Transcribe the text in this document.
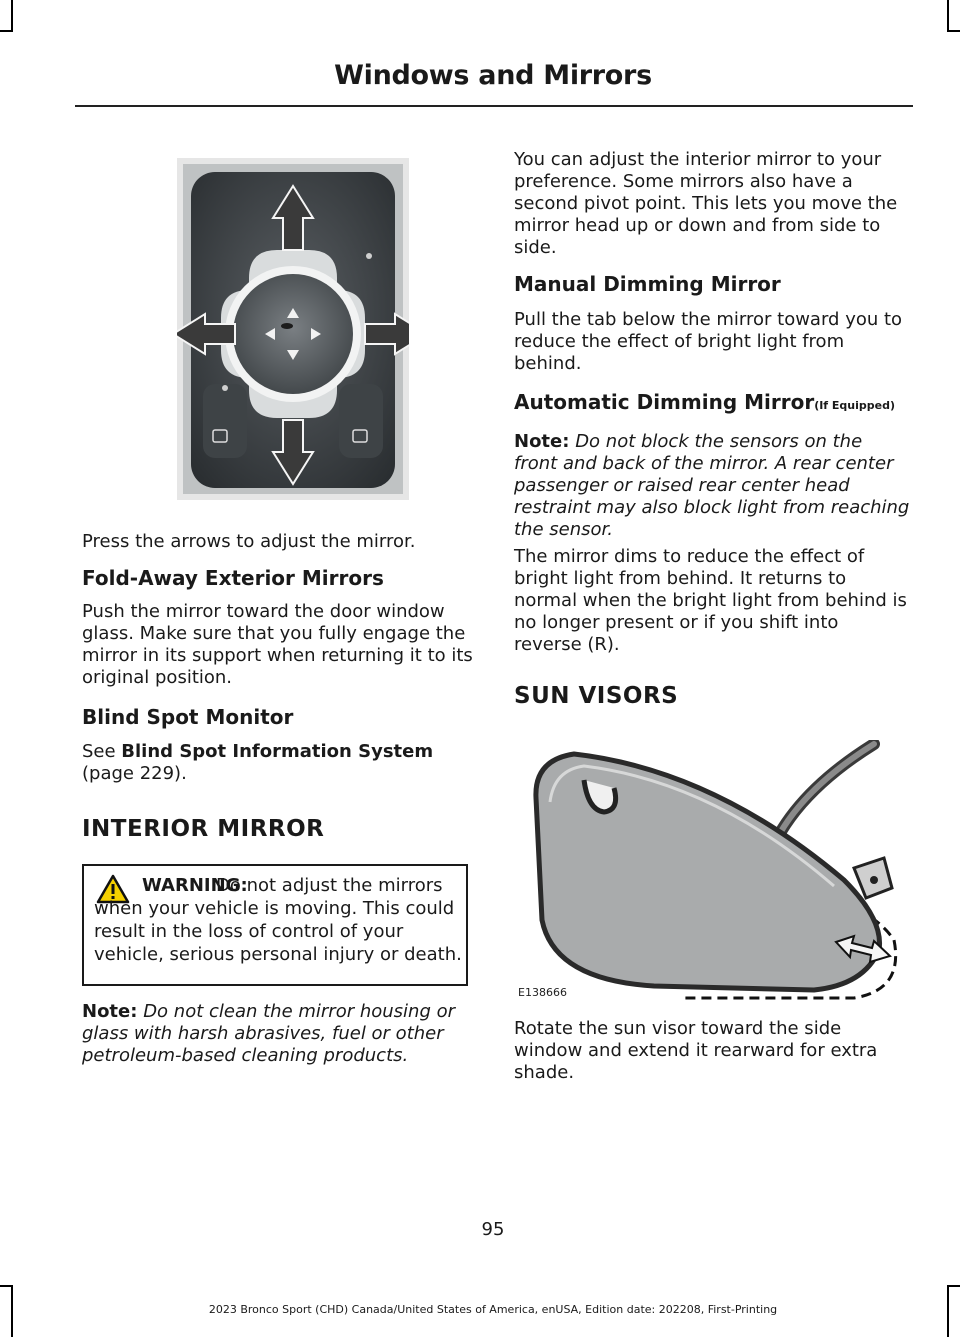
Windows and Mirrors

Press the arrows to adjust the mirror.

Fold-Away Exterior Mirrors

Push the mirror toward the door window glass. Make sure that you fully engage the mirror in its support when returning it to its original position.

Blind Spot Monitor

See Blind Spot Information System
(page 229).

INTERIOR MIRROR
WARNING:
Do not adjust the mirrors when your vehicle is moving. This could result in the loss of control of your vehicle, serious personal injury or death.

Note: Do not clean the mirror housing or glass with harsh abrasives, fuel or other petroleum-based cleaning products.

You can adjust the interior mirror to your preference. Some mirrors also have a second pivot point. This lets you move the mirror head up or down and from side to side.

Manual Dimming Mirror

Pull the tab below the mirror toward you to reduce the effect of bright light from behind.

Automatic Dimming Mirror(If Equipped)

Note: Do not block the sensors on the front and back of the mirror. A rear center passenger or raised rear center head restraint may also block light from reaching the sensor.

The mirror dims to reduce the effect of bright light from behind. It returns to normal when the bright light from behind is no longer present or if you shift into reverse (R).

SUN VISORS
E138666

Rotate the sun visor toward the side window and extend it rearward for extra shade.

95
2023 Bronco Sport (CHD) Canada/United States of America, enUSA, Edition date: 202208, First-Printing
